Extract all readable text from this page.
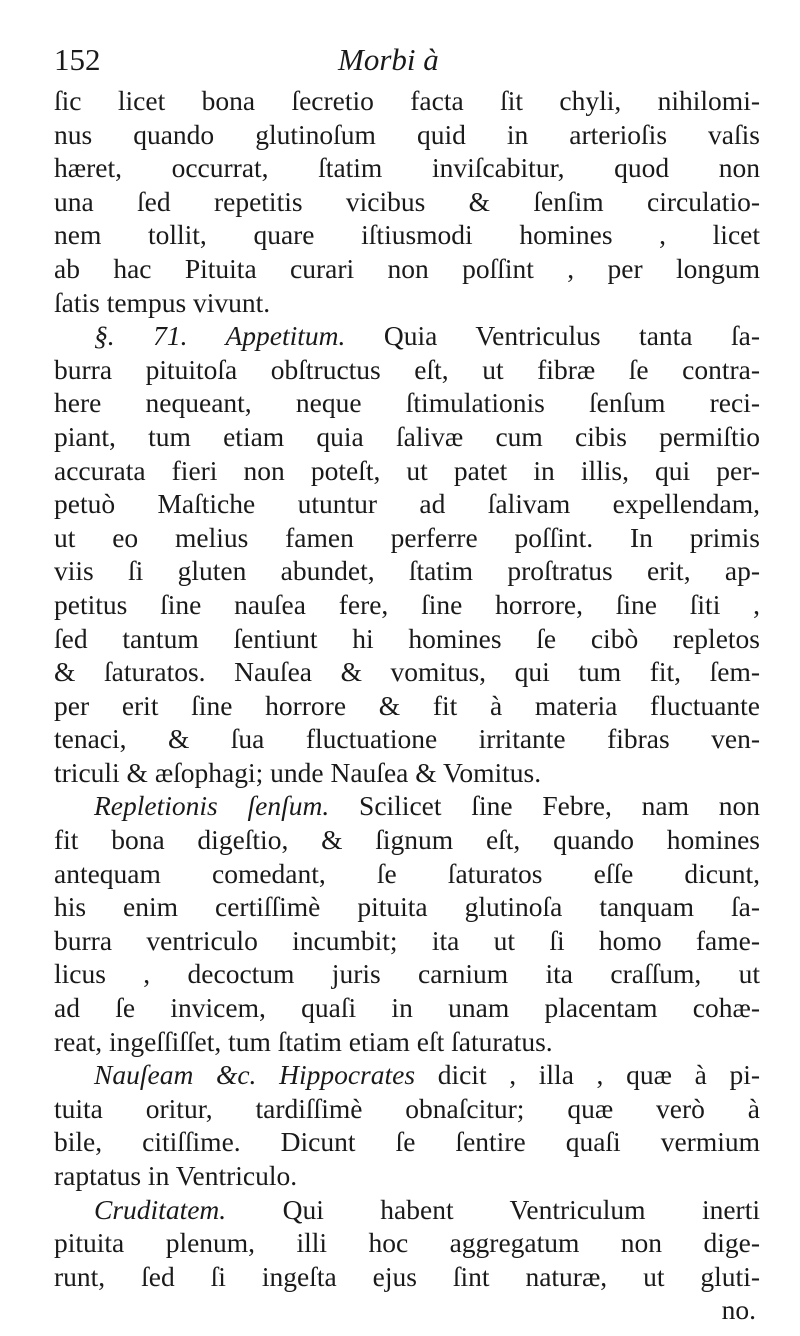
152	Morbi à
ſic licet bona ſecretio facta ſit chyli, nihilomi-
nus quando glutinoſum quid in arterioſis vaſis
hæret, occurrat, ſtatim inviſcabitur, quod non
una ſed repetitis vicibus & ſenſim circulatio-
nem tollit, quare iſtiusmodi homines , licet
ab hac Pituita curari non poſſint , per longum
ſatis tempus vivunt.
§. 71. Appetitum. Quia Ventriculus tanta ſa-
burra pituitoſa obſtructus eſt, ut fibræ ſe contra-
here nequeant, neque ſtimulationis ſenſum reci-
piant, tum etiam quia ſalivæ cum cibis permiſtio
accurata fieri non poteſt, ut patet in illis, qui per-
petuò Maſtiche utuntur ad ſalivam expellendam,
ut eo melius famen perferre poſſint. In primis
viis ſi gluten abundet, ſtatim proſtratus erit, ap-
petitus ſine nauſea fere, ſine horrore, ſine ſiti ,
ſed tantum ſentiunt hi homines ſe cibò repletos
& ſaturatos. Nauſea & vomitus, qui tum fit, ſem-
per erit ſine horrore & fit à materia fluctuante
tenaci, & ſua fluctuatione irritante fibras ven-
triculi & æſophagi; unde Nauſea & Vomitus.
Repletionis ſenſum. Scilicet ſine Febre, nam non
fit bona digeſtio, & ſignum eſt, quando homines
antequam comedant, ſe ſaturatos eſſe dicunt,
his enim certiſſimè pituita glutinoſa tanquam ſa-
burra ventriculo incumbit; ita ut ſi homo fame-
licus , decoctum juris carnium ita craſſum, ut
ad ſe invicem, quaſi in unam placentam cohæ-
reat, ingeſſiſſet, tum ſtatim etiam eſt ſaturatus.
Nauſeam &c. Hippocrates dicit , illa , quæ à pi-
tuita oritur, tardiſſimè obnaſcitur; quæ verò à
bile, citiſſime. Dicunt ſe ſentire quaſi vermium
raptatus in Ventriculo.
Cruditatem. Qui habent Ventriculum inerti
pituita plenum, illi hoc aggregatum non dige-
runt, ſed ſi ingeſta ejus ſint naturæ, ut gluti-
no.
